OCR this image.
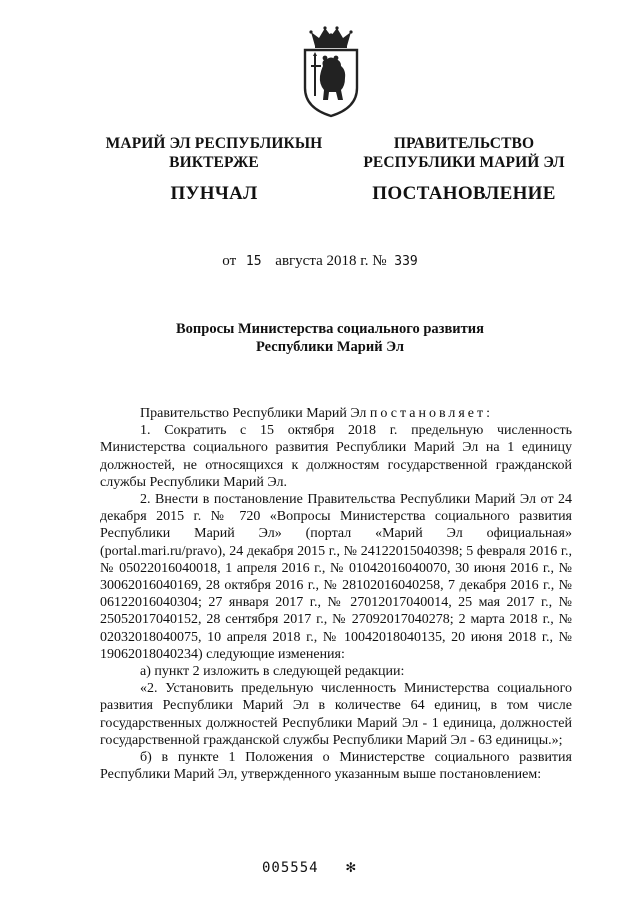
МАРИЙ ЭЛ РЕСПУБЛИКЫН
ВИКТЕРЖЕ
ПУНЧАЛ
ПРАВИТЕЛЬСТВО
РЕСПУБЛИКИ МАРИЙ ЭЛ
ПОСТАНОВЛЕНИЕ
от 15 августа 2018 г. № 339
Вопросы Министерства социального развития
Республики Марий Эл

Правительство Республики Марий Эл постановляет:

1. Сократить с 15 октября 2018 г. предельную численность Министерства социального развития Республики Марий Эл на 1 единицу должностей, не относящихся к должностям государственной гражданской службы Республики Марий Эл.

2. Внести в постановление Правительства Республики Марий Эл от 24 декабря 2015 г. № 720 «Вопросы Министерства социального развития Республики Марий Эл» (портал «Марий Эл официальная» (portal.mari.ru/pravo), 24 декабря 2015 г., № 24122015040398; 5 февраля 2016 г., № 05022016040018, 1 апреля 2016 г., № 01042016040070, 30 июня 2016 г., № 30062016040169, 28 октября 2016 г., № 28102016040258, 7 декабря 2016 г., № 06122016040304; 27 января 2017 г., № 27012017040014, 25 мая 2017 г., № 25052017040152, 28 сентября 2017 г., № 27092017040278; 2 марта 2018 г., № 02032018040075, 10 апреля 2018 г., № 10042018040135, 20 июня 2018 г., № 19062018040234) следующие изменения:

а) пункт 2 изложить в следующей редакции:

«2. Установить предельную численность Министерства социального развития Республики Марий Эл в количестве 64 единиц, в том числе государственных должностей Республики Марий Эл - 1 единица, должностей государственной гражданской службы Республики Марий Эл - 63 единицы.»;

б) в пункте 1 Положения о Министерстве социального развития Республики Марий Эл, утвержденного указанным выше постановлением:

005554 ✻
